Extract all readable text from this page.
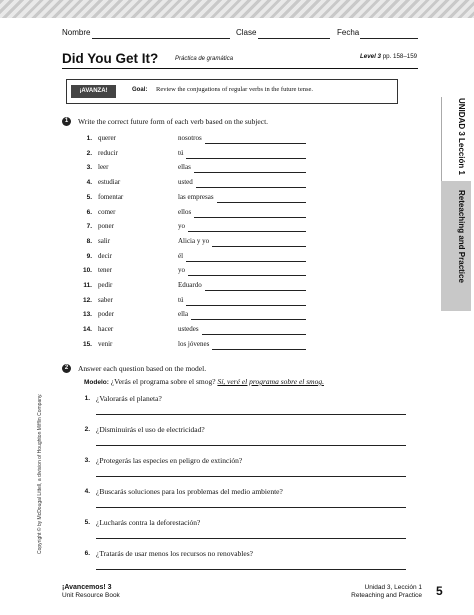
Nombre	Clase	Fecha
Did You Get It?	Práctica de gramática	Level 3 pp. 158–159
¡AVANZA!	Goal: Review the conjugations of regular verbs in the future tense.
1	Write the correct future form of each verb based on the subject.
1. querer	nosotros
2. reducir	tú
3. leer	ellas
4. estudiar	usted
5. fomentar	las empresas
6. comer	ellos
7. poner	yo
8. salir	Alicia y yo
9. decir	él
10. tener	yo
11. pedir	Eduardo
12. saber	tú
13. poder	ella
14. hacer	ustedes
15. venir	los jóvenes
2	Answer each question based on the model.
Modelo: ¿Verás el programa sobre el smog? Sí, veré el programa sobre el smog.
1. ¿Valorarás el planeta?
2. ¿Disminuirás el uso de electricidad?
3. ¿Protegerás las especies en peligro de extinción?
4. ¿Buscarás soluciones para los problemas del medio ambiente?
5. ¿Lucharás contra la deforestación?
6. ¿Tratarás de usar menos los recursos no renovables?
UNIDAD 3 Lección 1
Reteaching and Practice
Copyright © by McDougal Littell, a division of Houghton Mifflin Company.
¡Avancemos! 3
Unit Resource Book
Unidad 3, Lección 1
Reteaching and Practice 5
